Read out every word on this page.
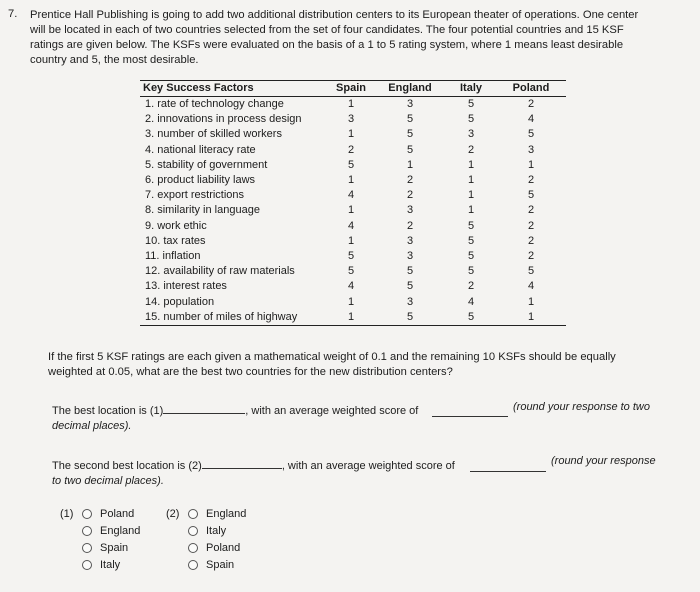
7. Prentice Hall Publishing is going to add two additional distribution centers to its European theater of operations. One center
will be located in each of two countries selected from the set of four candidates. The four potential countries and 15 KSF
ratings are given below. The KSFs were evaluated on the basis of a 1 to 5 rating system, where 1 means least desirable
country and 5, the most desirable.
Key Success Factors	Spain	England	Italy	Poland
1. rate of technology change	1	3	5	2
2. innovations in process design	3	5	5	4
3. number of skilled workers	1	5	3	5
4. national literacy rate	2	5	2	3
5. stability of government	5	1	1	1
6. product liability laws	1	2	1	2
7. export restrictions	4	2	1	5
8. similarity in language	1	3	1	2
9. work ethic	4	2	5	2
10. tax rates	1	3	5	2
11. inflation	5	3	5	2
12. availability of raw materials	5	5	5	5
13. interest rates	4	5	2	4
14. population	1	3	4	1
15. number of miles of highway	1	5	5	1
If the first 5 KSF ratings are each given a mathematical weight of 0.1 and the remaining 10 KSFs should be equally
weighted at 0.05, what are the best two countries for the new distribution centers?
The best location is (1)	, with an average weighted score of
decimal places).
(round your response to two
The second best location is (2)	, with an average weighted score of
to two decimal places).
(round your response
(1)	Poland
England
Spain
Italy
(2)	England
Italy
Poland
Spain
